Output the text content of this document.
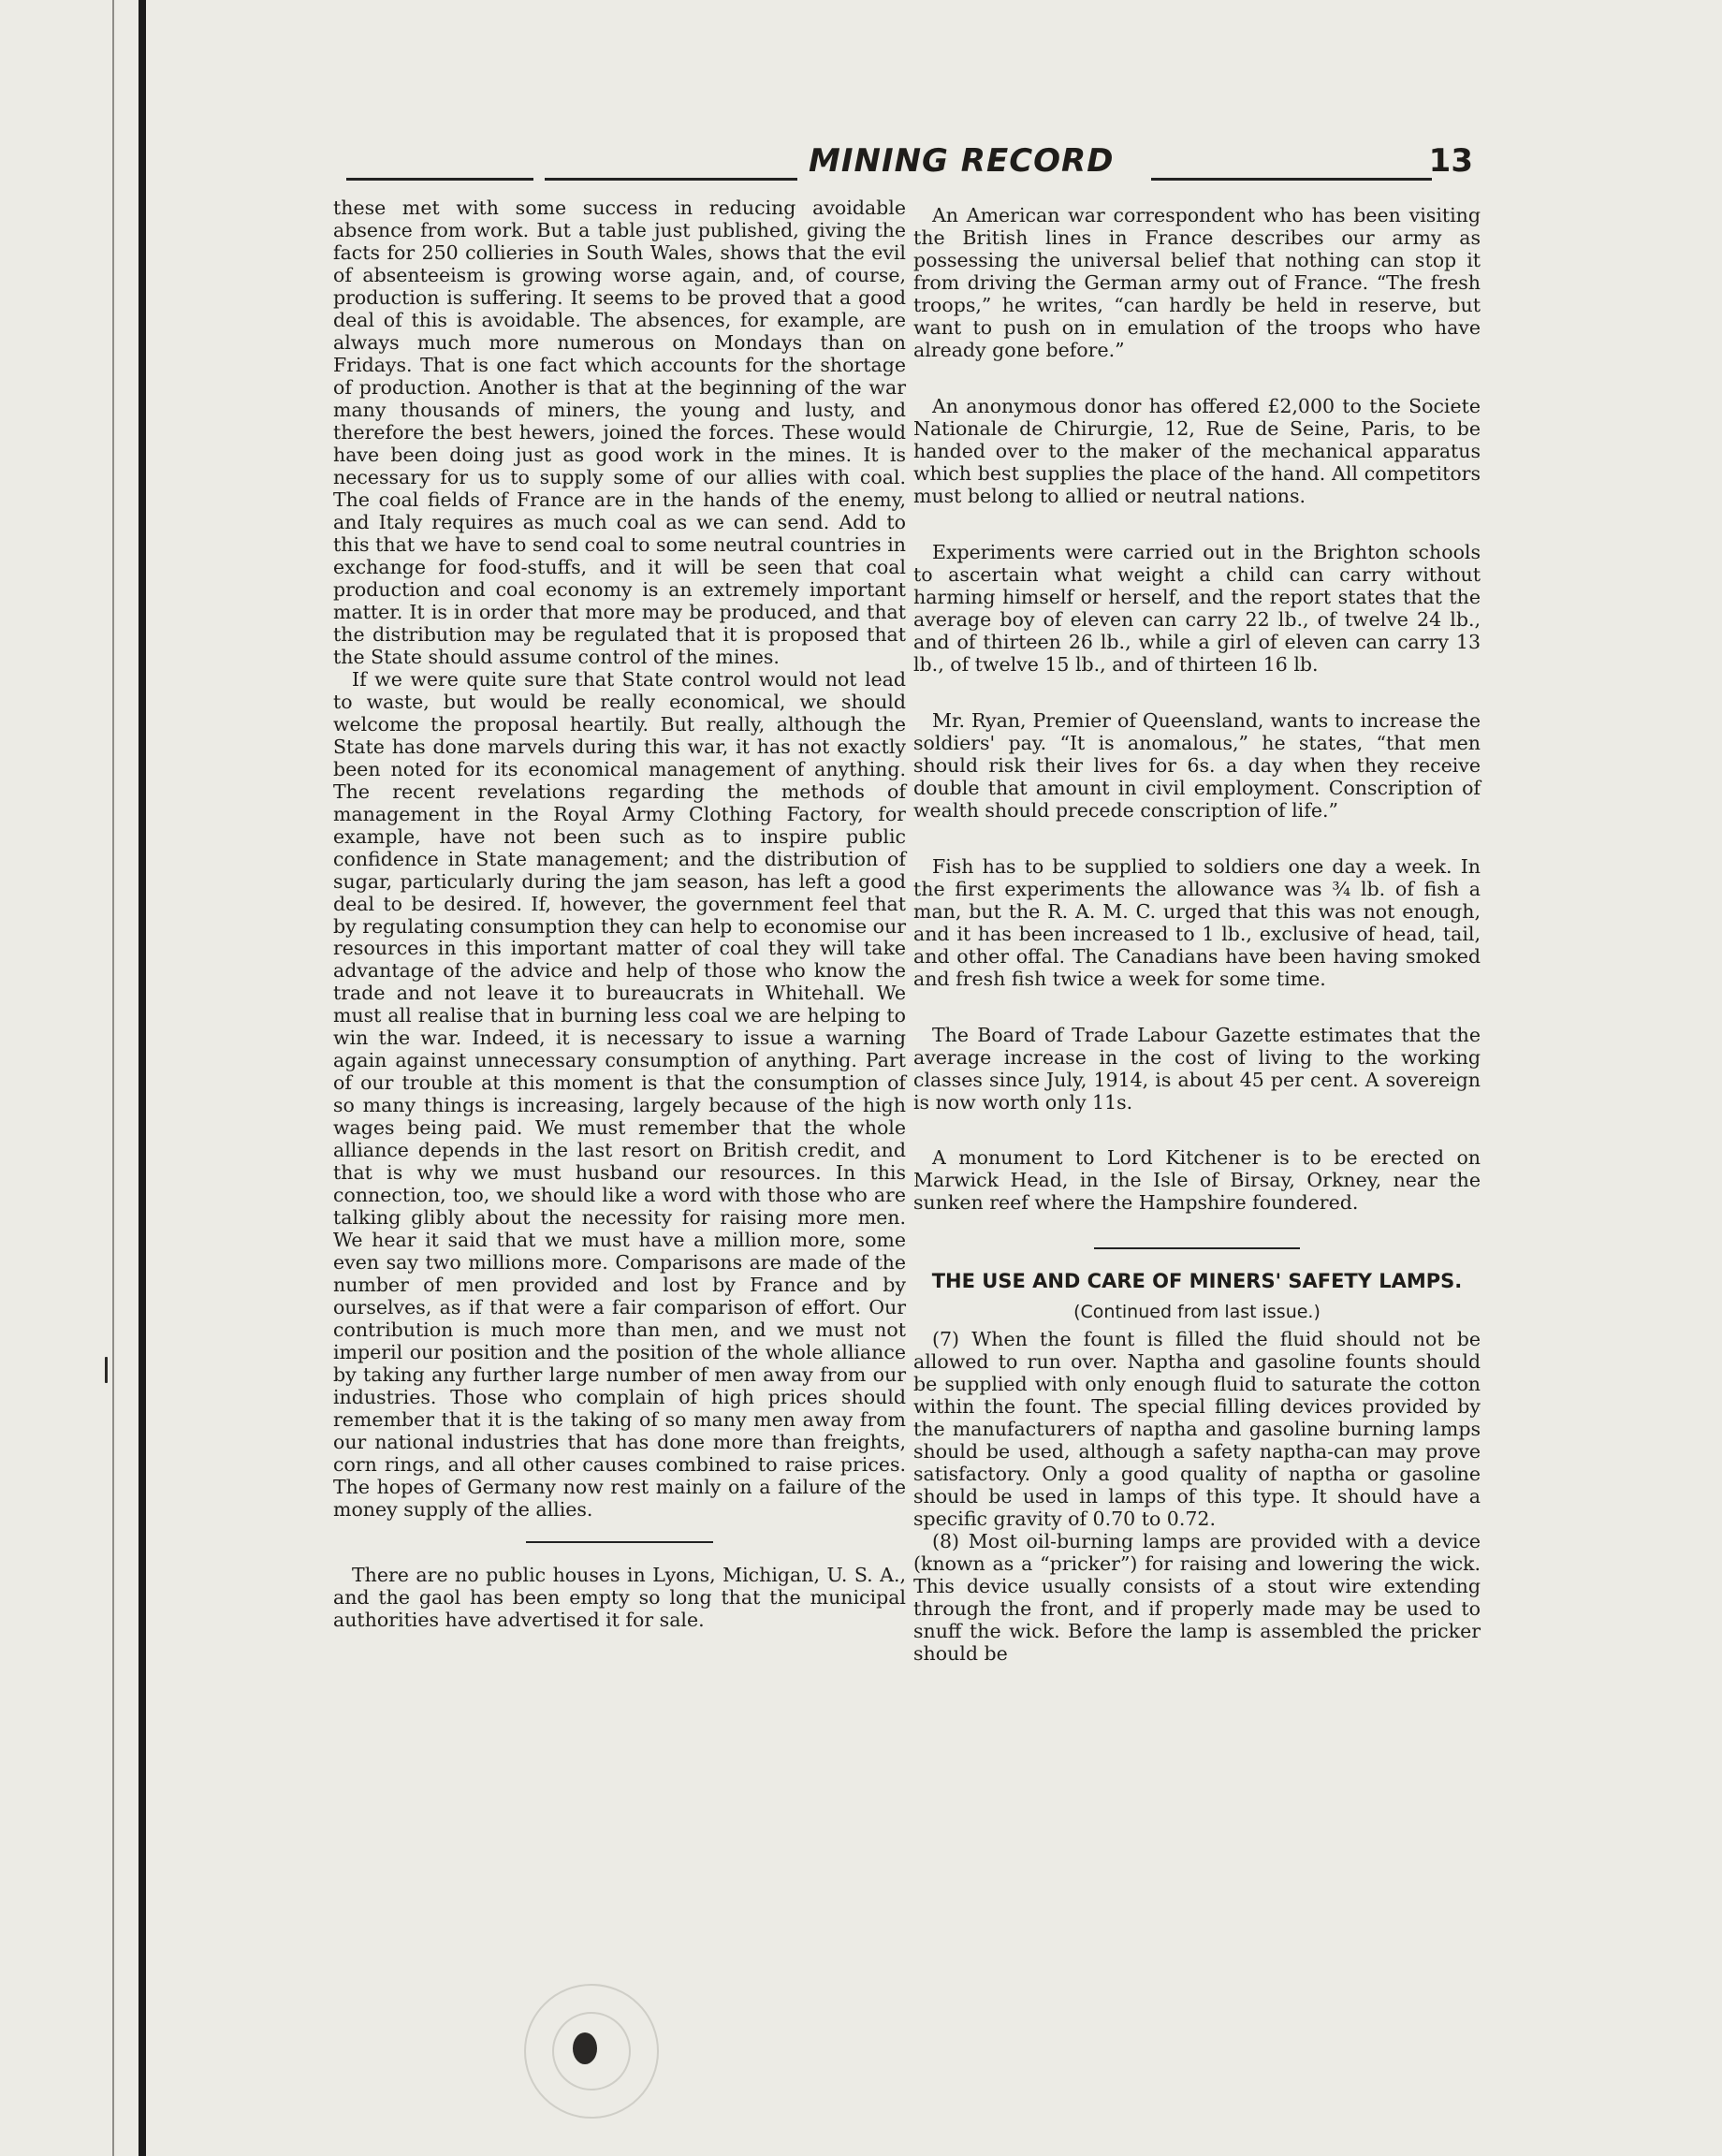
MINING RECORD	13

these met with some success in reducing avoidable absence from work. But a table just published, giving the facts for 250 collieries in South Wales, shows that the evil of absenteeism is growing worse again, and, of course, production is suffering. It seems to be proved that a good deal of this is avoidable. The absences, for example, are always much more numerous on Mondays than on Fridays. That is one fact which accounts for the shortage of production. Another is that at the beginning of the war many thousands of miners, the young and lusty, and therefore the best hewers, joined the forces. These would have been doing just as good work in the mines. It is necessary for us to supply some of our allies with coal. The coal fields of France are in the hands of the enemy, and Italy requires as much coal as we can send. Add to this that we have to send coal to some neutral countries in exchange for food-stuffs, and it will be seen that coal production and coal economy is an extremely important matter. It is in order that more may be produced, and that the distribution may be regulated that it is proposed that the State should assume control of the mines.

If we were quite sure that State control would not lead to waste, but would be really economical, we should welcome the proposal heartily. But really, although the State has done marvels during this war, it has not exactly been noted for its economical management of anything. The recent revelations regarding the methods of management in the Royal Army Clothing Factory, for example, have not been such as to inspire public confidence in State management; and the distribution of sugar, particularly during the jam season, has left a good deal to be desired. If, however, the government feel that by regulating consumption they can help to economise our resources in this important matter of coal they will take advantage of the advice and help of those who know the trade and not leave it to bureaucrats in Whitehall. We must all realise that in burning less coal we are helping to win the war. Indeed, it is necessary to issue a warning again against unnecessary consumption of anything. Part of our trouble at this moment is that the consumption of so many things is increasing, largely because of the high wages being paid. We must remember that the whole alliance depends in the last resort on British credit, and that is why we must husband our resources. In this connection, too, we should like a word with those who are talking glibly about the necessity for raising more men. We hear it said that we must have a million more, some even say two millions more. Comparisons are made of the number of men provided and lost by France and by ourselves, as if that were a fair comparison of effort. Our contribution is much more than men, and we must not imperil our position and the position of the whole alliance by taking any further large number of men away from our industries. Those who complain of high prices should remember that it is the taking of so many men away from our national industries that has done more than freights, corn rings, and all other causes combined to raise prices. The hopes of Germany now rest mainly on a failure of the money supply of the allies.

There are no public houses in Lyons, Michigan, U. S. A., and the gaol has been empty so long that the municipal authorities have advertised it for sale.

An American war correspondent who has been visiting the British lines in France describes our army as possessing the universal belief that nothing can stop it from driving the German army out of France. “The fresh troops,” he writes, “can hardly be held in reserve, but want to push on in emulation of the troops who have already gone before.”

An anonymous donor has offered £2,000 to the Societe Nationale de Chirurgie, 12, Rue de Seine, Paris, to be handed over to the maker of the mechanical apparatus which best supplies the place of the hand. All competitors must belong to allied or neutral nations.

Experiments were carried out in the Brighton schools to ascertain what weight a child can carry without harming himself or herself, and the report states that the average boy of eleven can carry 22 lb., of twelve 24 lb., and of thirteen 26 lb., while a girl of eleven can carry 13 lb., of twelve 15 lb., and of thirteen 16 lb.

Mr. Ryan, Premier of Queensland, wants to increase the soldiers' pay. “It is anomalous,” he states, “that men should risk their lives for 6s. a day when they receive double that amount in civil employment. Conscription of wealth should precede conscription of life.”

Fish has to be supplied to soldiers one day a week. In the first experiments the allowance was ¾ lb. of fish a man, but the R. A. M. C. urged that this was not enough, and it has been increased to 1 lb., exclusive of head, tail, and other offal. The Canadians have been having smoked and fresh fish twice a week for some time.

The Board of Trade Labour Gazette estimates that the average increase in the cost of living to the working classes since July, 1914, is about 45 per cent. A sovereign is now worth only 11s.

A monument to Lord Kitchener is to be erected on Marwick Head, in the Isle of Birsay, Orkney, near the sunken reef where the Hampshire foundered.

THE USE AND CARE OF MINERS' SAFETY LAMPS.
(Continued from last issue.)

(7) When the fount is filled the fluid should not be allowed to run over. Naptha and gasoline founts should be supplied with only enough fluid to saturate the cotton within the fount. The special filling devices provided by the manufacturers of naptha and gasoline burning lamps should be used, although a safety naptha-can may prove satisfactory. Only a good quality of naptha or gasoline should be used in lamps of this type. It should have a specific gravity of 0.70 to 0.72.

(8) Most oil-burning lamps are provided with a device (known as a “pricker”) for raising and lowering the wick. This device usually consists of a stout wire extending through the front, and if properly made may be used to snuff the wick. Before the lamp is assembled the pricker should be
